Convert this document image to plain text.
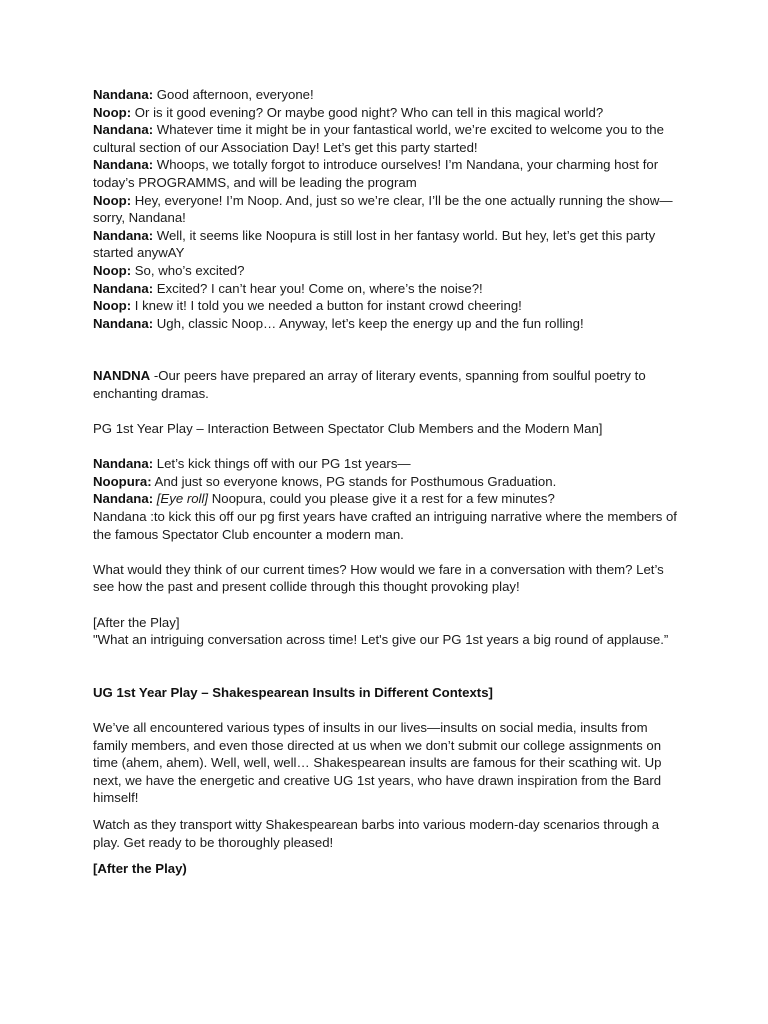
Nandana: Good afternoon, everyone!

Noop: Or is it good evening? Or maybe good night? Who can tell in this magical world?

Nandana: Whatever time it might be in your fantastical world, we’re excited to welcome you to the cultural section of our Association Day! Let’s get this party started!

Nandana: Whoops, we totally forgot to introduce ourselves! I’m Nandana, your charming host for today’s PROGRAMMS, and will be leading the program

Noop: Hey, everyone! I’m Noop. And, just so we’re clear, I’ll be the one actually running the show—sorry, Nandana!

Nandana: Well, it seems like Noopura is still lost in her fantasy world. But hey, let’s get this party started anywAY

Noop: So, who’s excited?

Nandana: Excited? I can’t hear you! Come on, where’s the noise?!

Noop: I knew it! I told you we needed a button for instant crowd cheering!

Nandana: Ugh, classic Noop… Anyway, let’s keep the energy up and the fun rolling!

NANDNA -Our peers have prepared an array of literary events, spanning from soulful poetry to enchanting dramas.

PG 1st Year Play – Interaction Between Spectator Club Members and the Modern Man]

Nandana: Let’s kick things off with our PG 1st years—

Noopura: And just so everyone knows, PG stands for Posthumous Graduation.

Nandana: [Eye roll] Noopura, could you please give it a rest for a few minutes?

Nandana :to kick this off our pg first years have crafted an intriguing narrative where the members of the famous Spectator Club encounter a modern man.

What would they think of our current times? How would we fare in a conversation with them? Let’s see how the past and present collide through this thought provoking play!

[After the Play]

"What an intriguing conversation across time! Let's give our PG 1st years a big round of applause.”

UG 1st Year Play – Shakespearean Insults in Different Contexts]

We’ve all encountered various types of insults in our lives—insults on social media, insults from family members, and even those directed at us when we don’t submit our college assignments on time (ahem, ahem). Well, well, well… Shakespearean insults are famous for their scathing wit. Up next, we have the energetic and creative UG 1st years, who have drawn inspiration from the Bard himself!

Watch as they transport witty Shakespearean barbs into various modern-day scenarios through a play. Get ready to be thoroughly pleased!

[After the Play)
